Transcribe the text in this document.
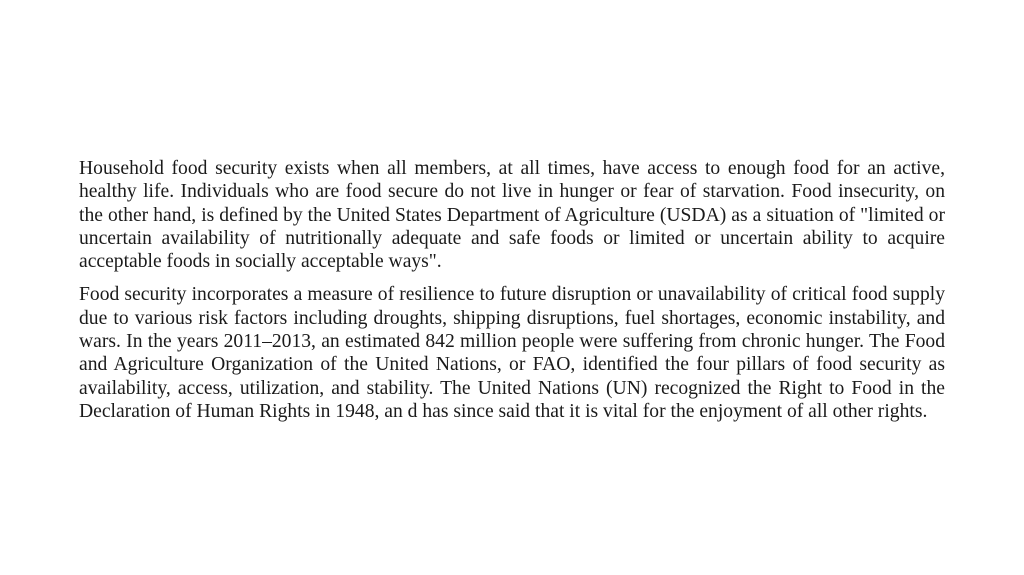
Household food security exists when all members, at all times, have access to enough food for an active, healthy life. Individuals who are food secure do not live in hunger or fear of starvation. Food insecurity, on the other hand, is defined by the United States Department of Agriculture (USDA) as a situation of "limited or uncertain availability of nutritionally adequate and safe foods or limited or uncertain ability to acquire acceptable foods in socially acceptable ways".

Food security incorporates a measure of resilience to future disruption or unavailability of critical food supply due to various risk factors including droughts, shipping disruptions, fuel shortages, economic instability, and wars. In the years 2011–2013, an estimated 842 million people were suffering from chronic hunger. The Food and Agriculture Organization of the United Nations, or FAO, identified the four pillars of food security as availability, access, utilization, and stability. The United Nations (UN) recognized the Right to Food in the Declaration of Human Rights in 1948, an d has since said that it is vital for the enjoyment of all other rights.
